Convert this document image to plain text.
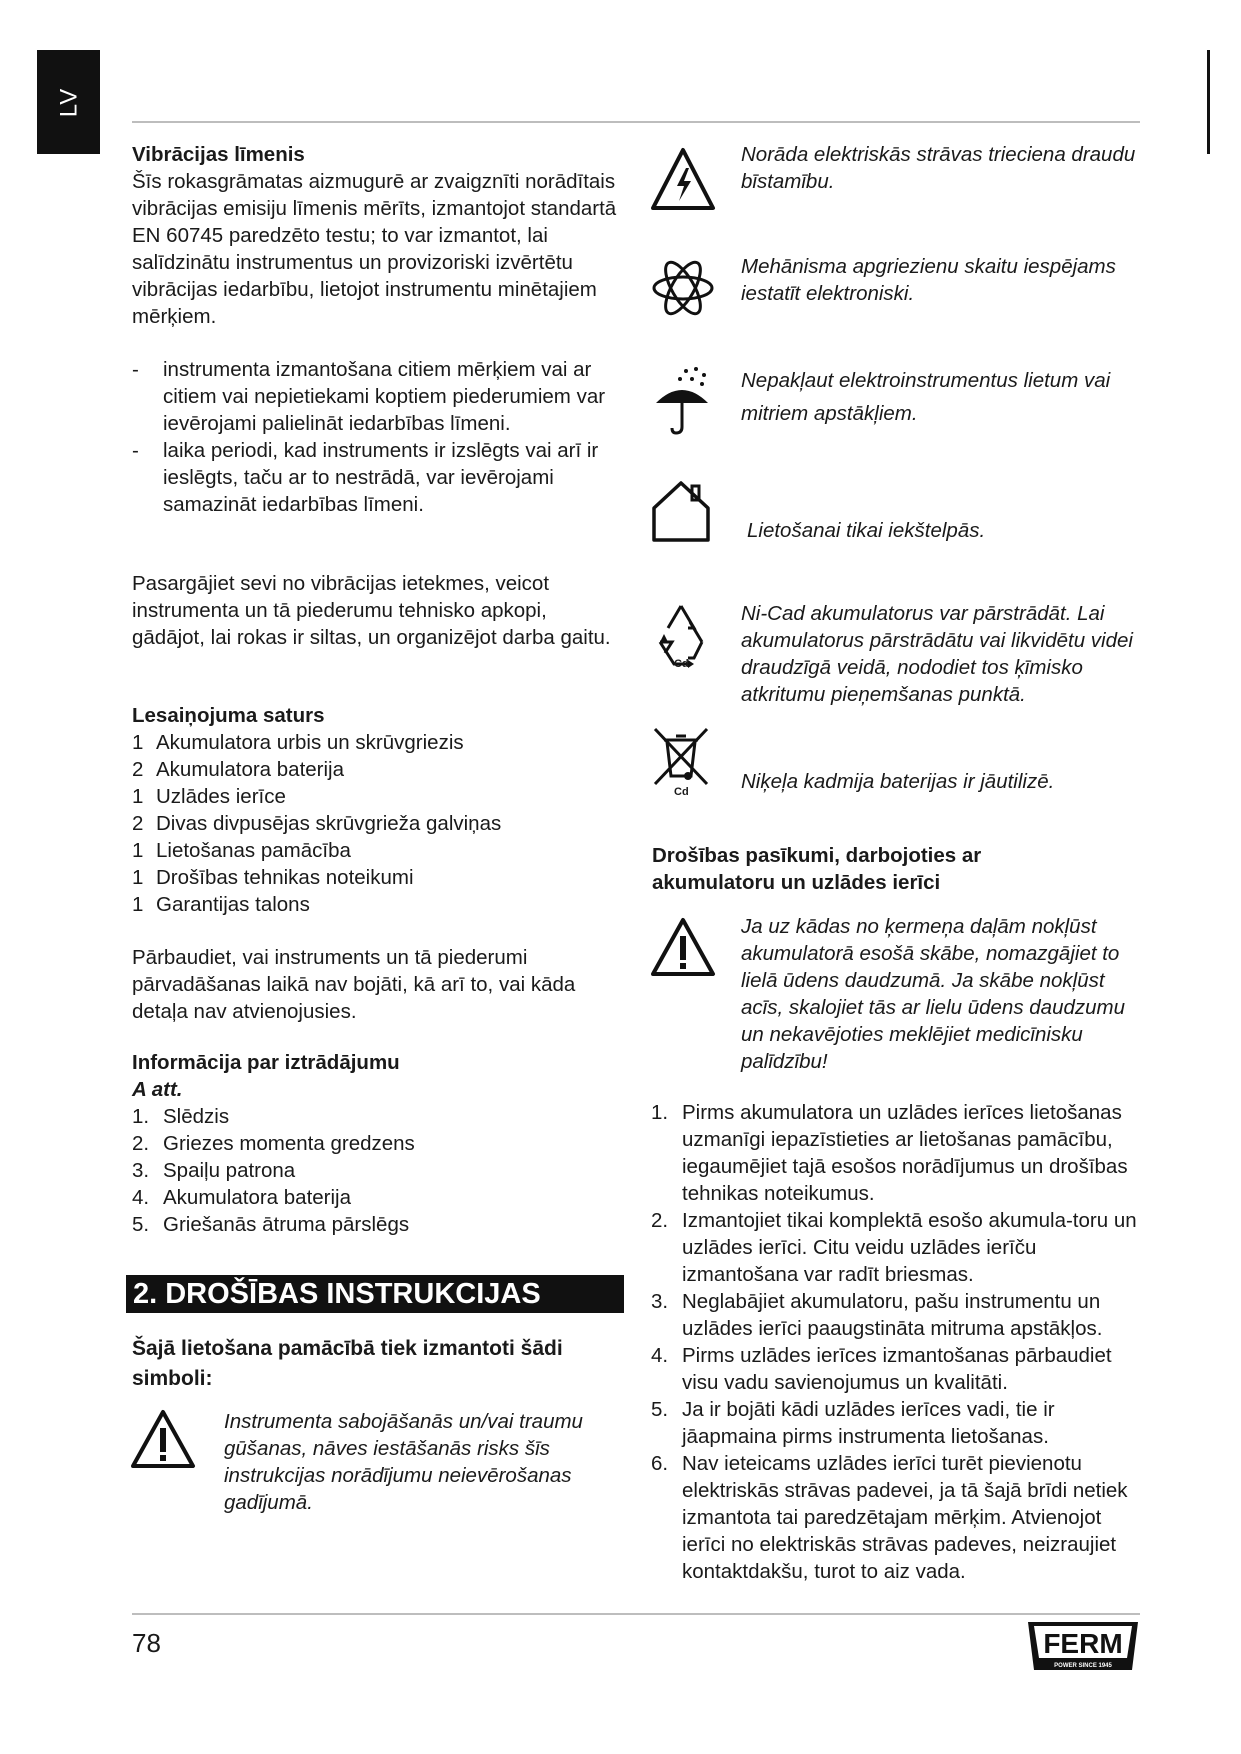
LV

Vibrācijas līmenis

Šīs rokasgrāmatas aizmugurē ar zvaigznīti norādītais vibrācijas emisiju līmenis mērīts, izmantojot standartā EN 60745 paredzēto testu; to var izmantot, lai salīdzinātu instrumentus un provizoriski izvērtētu vibrācijas iedarbību, lietojot instrumentu minētajiem mērķiem.

- instrumenta izmantošana citiem mērķiem vai ar citiem vai nepietiekami koptiem piederumiem var ievērojami palielināt iedarbības līmeni.
- laika periodi, kad instruments ir izslēgts vai arī ir ieslēgts, taču ar to nestrādā, var ievērojami samazināt iedarbības līmeni.

Pasargājiet sevi no vibrācijas ietekmes, veicot instrumenta un tā piederumu tehnisko apkopi, gādājot, lai rokas ir siltas, un organizējot darba gaitu.

Lesaiņojuma saturs

1 Akumulatora urbis un skrūvgriezis
2 Akumulatora baterija
1 Uzlādes ierīce
2 Divas divpusējas skrūvgrieža galviņas
1 Lietošanas pamācība
1 Drošības tehnikas noteikumi
1 Garantijas talons

Pārbaudiet, vai instruments un tā piederumi pārvadāšanas laikā nav bojāti, kā arī to, vai kāda detaļa nav atvienojusies.

Informācija par iztrādājumu

A att.

1. Slēdzis
2. Griezes momenta gredzens
3. Spaiļu patrona
4. Akumulatora baterija
5. Griešanās ātruma pārslēgs
2. DROŠĪBAS INSTRUKCIJAS

Šajā lietošana pamācībā tiek izmantoti šādi simboli:

Instrumenta sabojāšanās un/vai traumu gūšanas, nāves iestāšanās risks šīs instrukcijas norādījumu neievērošanas gadījumā.

Norāda elektriskās strāvas trieciena draudu bīstamību.

Mehānisma apgriezienu skaitu iespējams iestatīt elektroniski.

Nepakļaut elektroinstrumentus lietum vai mitriem apstākļiem.

Lietošanai tikai iekštelpās.

Cd

Ni-Cad akumulatorus var pārstrādāt. Lai akumulatorus pārstrādātu vai likvidētu videi draudzīgā veidā, nododiet tos ķīmisko atkritumu pieņemšanas punktā.

Cd	Niķeļa kadmija baterijas ir jāutilizē.

Drošības pasīkumi, darbojoties ar akumulatoru un uzlādes ierīci

Ja uz kādas no ķermeņa daļām nokļūst akumulatorā esošā skābe, nomazgājiet to lielā ūdens daudzumā. Ja skābe nokļūst acīs, skalojiet tās ar lielu ūdens daudzumu un nekavējoties meklējiet medicīnisku palīdzību!

1. Pirms akumulatora un uzlādes ierīces lietošanas uzmanīgi iepazīstieties ar lietošanas pamācību, iegaumējiet tajā esošos norādījumus un drošības tehnikas noteikumus.
2. Izmantojiet tikai komplektā esošo akumula-toru un uzlādes ierīci. Citu veidu uzlādes ierīču izmantošana var radīt briesmas.
3. Neglabājiet akumulatoru, pašu instrumentu un uzlādes ierīci paaugstināta mitruma apstākļos.
4. Pirms uzlādes ierīces izmantošanas pārbaudiet visu vadu savienojumus un kvalitāti.
5. Ja ir bojāti kādi uzlādes ierīces vadi, tie ir jāapmaina pirms instrumenta lietošanas.
6. Nav ieteicams uzlādes ierīci turēt pievienotu elektriskās strāvas padevei, ja tā šajā brīdi netiek izmantota tai paredzētajam mērķim. Atvienojot ierīci no elektriskās strāvas padeves, neizraujiet kontaktdakšu, turot to aiz vada.
78	FERM
POWER SINCE 1945
